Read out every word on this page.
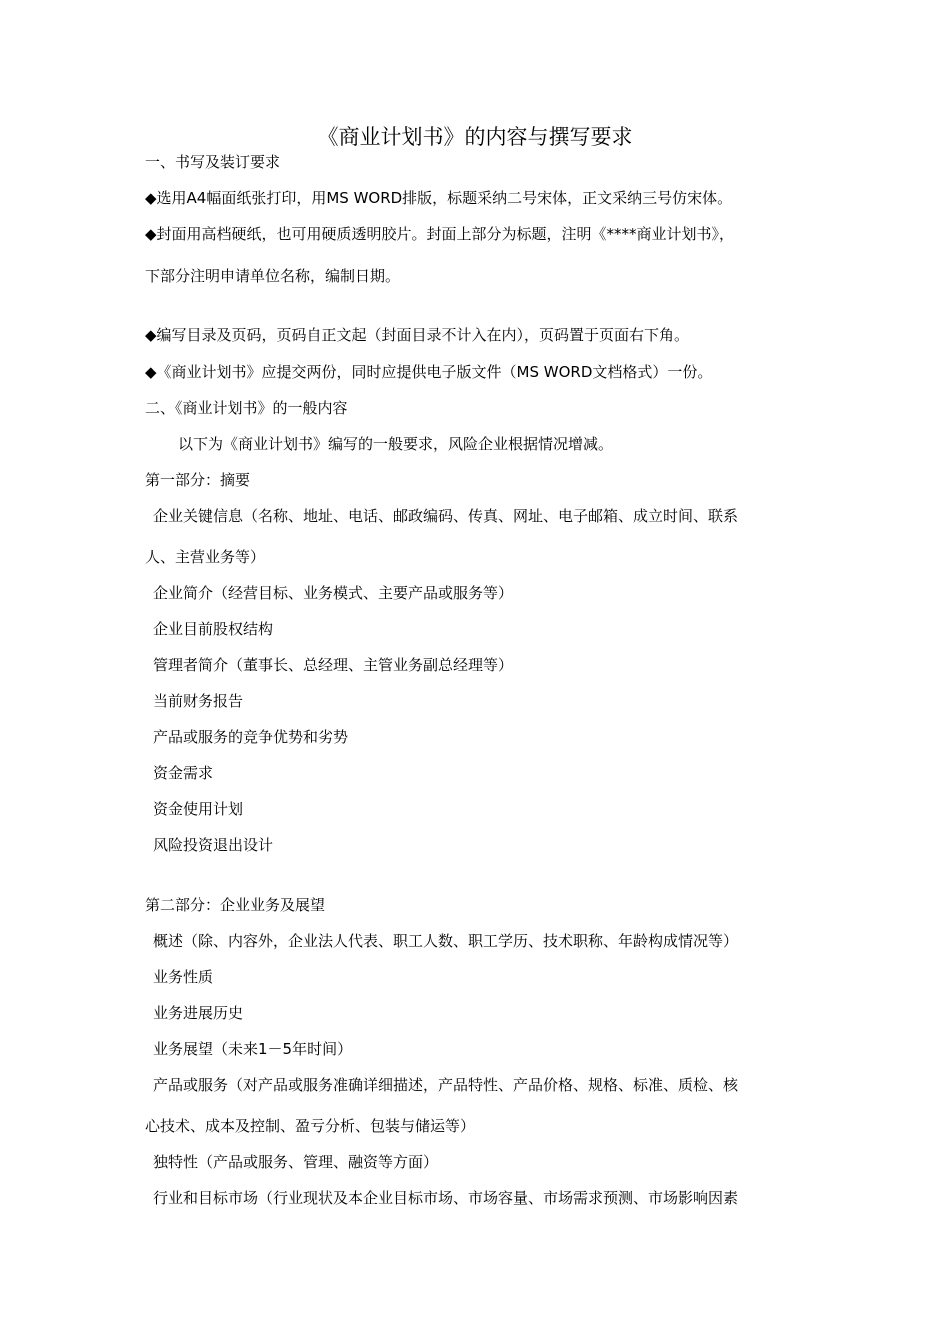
《商业计划书》的内容与撰写要求
一、书写及装订要求
◆选用A4幅面纸张打印，用MS WORD排版，标题采纳二号宋体，正文采纳三号仿宋体。
◆封面用高档硬纸，也可用硬质透明胶片。封面上部分为标题，注明《****商业计划书》，
下部分注明申请单位名称，编制日期。
◆编写目录及页码，页码自正文起（封面目录不计入在内），页码置于页面右下角。
◆《商业计划书》应提交两份，同时应提供电子版文件（MS WORD文档格式）一份。
二、《商业计划书》的一般内容
以下为《商业计划书》编写的一般要求，风险企业根据情况增减。
第一部分：摘要
企业关键信息（名称、地址、电话、邮政编码、传真、网址、电子邮箱、成立时间、联系
人、主营业务等）
企业简介（经营目标、业务模式、主要产品或服务等）
企业目前股权结构
管理者简介（董事长、总经理、主管业务副总经理等）
当前财务报告
产品或服务的竞争优势和劣势
资金需求
资金使用计划
风险投资退出设计
第二部分：企业业务及展望
概述（除、内容外，企业法人代表、职工人数、职工学历、技术职称、年龄构成情况等）
业务性质
业务进展历史
业务展望（未来1－5年时间）
产品或服务（对产品或服务准确详细描述，产品特性、产品价格、规格、标准、质检、核
心技术、成本及控制、盈亏分析、包装与储运等）
独特性（产品或服务、管理、融资等方面）
行业和目标市场（行业现状及本企业目标市场、市场容量、市场需求预测、市场影响因素
